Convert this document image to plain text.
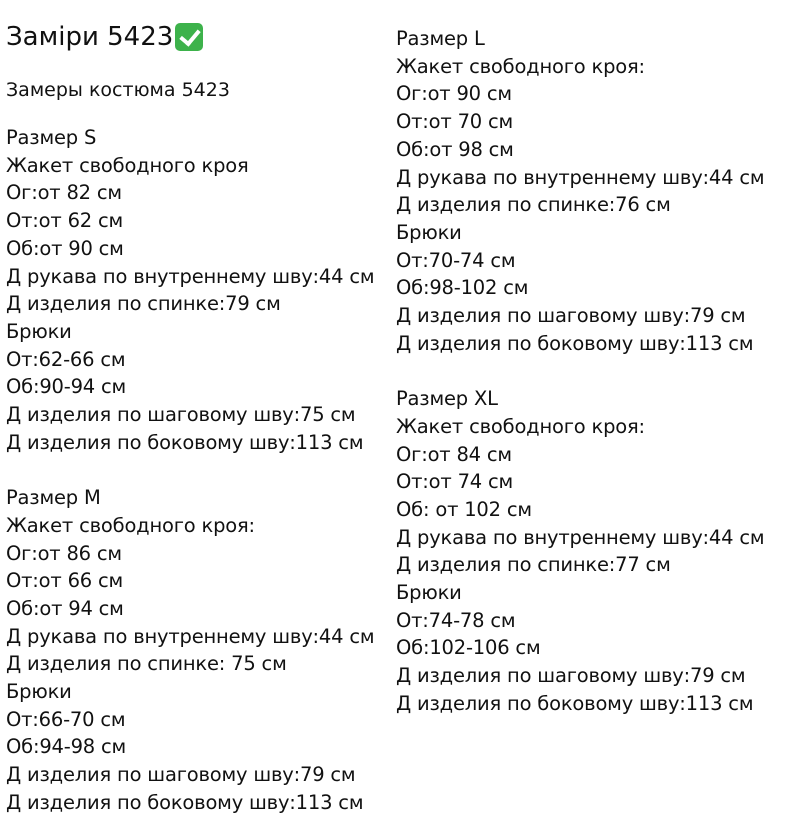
Заміри 5423
Замеры костюма 5423
Размер S
Жакет свободного кроя
Ог:от 82 см
От:от 62 см
Об:от 90 см
Д рукава по внутреннему шву:44 см
Д изделия по спинке:79 см
Брюки
От:62-66 см
Об:90-94 см
Д изделия по шаговому шву:75 см
Д изделия по боковому шву:113 см
Размер M
Жакет свободного кроя:
Ог:от 86 см
От:от 66 см
Об:от 94 см
Д рукава по внутреннему шву:44 см
Д изделия по спинке: 75 см
Брюки
От:66-70 см
Об:94-98 см
Д изделия по шаговому шву:79 см
Д изделия по боковому шву:113 см
Размер L
Жакет свободного кроя:
Ог:от 90 см
От:от 70 см
Об:от 98 см
Д рукава по внутреннему шву:44 см
Д изделия по спинке:76 см
Брюки
От:70-74 см
Об:98-102 см
Д изделия по шаговому шву:79 см
Д изделия по боковому шву:113 см
Размер XL
Жакет свободного кроя:
Ог:от 84 см
От:от 74 см
Об: от 102 см
Д рукава по внутреннему шву:44 см
Д изделия по спинке:77 см
Брюки
От:74-78 см
Об:102-106 см
Д изделия по шаговому шву:79 см
Д изделия по боковому шву:113 см
